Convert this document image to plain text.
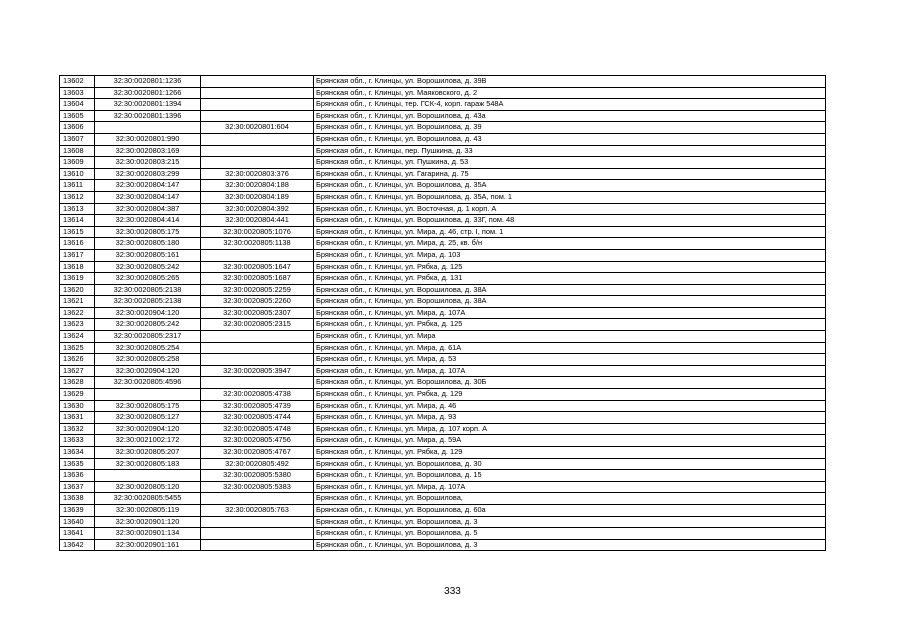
13602	32:30:0020801:1236		Брянская обл., г. Клинцы, ул. Ворошилова, д. 39В
13603	32:30:0020801:1266		Брянская обл., г. Клинцы, ул. Маяковского, д. 2
13604	32:30:0020801:1394		Брянская обл., г. Клинцы, тер. ГСК-4, корп. гараж 548А
13605	32:30:0020801:1396		Брянская обл., г. Клинцы, ул. Ворошилова, д. 43а
13606		32:30:0020801:604	Брянская обл., г. Клинцы, ул. Ворошилова, д. 39
13607	32:30:0020801:990		Брянская обл., г. Клинцы, ул. Ворошилова, д. 43
13608	32:30:0020803:169		Брянская обл., г. Клинцы, пер. Пушкина, д. 33
13609	32:30:0020803:215		Брянская обл., г. Клинцы, ул. Пушкина, д. 53
13610	32:30:0020803:299	32:30:0020803:376	Брянская обл., г. Клинцы, ул. Гагарина, д. 75
13611	32:30:0020804:147	32:30:0020804:188	Брянская обл., г. Клинцы, ул. Ворошилова, д. 35А
13612	32:30:0020804:147	32:30:0020804:189	Брянская обл., г. Клинцы, ул. Ворошилова, д. 35А, пом. 1
13613	32:30:0020804:387	32:30:0020804:392	Брянская обл., г. Клинцы, ул. Восточная, д. 1 корп. А
13614	32:30:0020804:414	32:30:0020804:441	Брянская обл., г. Клинцы, ул. Ворошилова, д. 33Г, пом. 48
13615	32:30:0020805:175	32:30:0020805:1076	Брянская обл., г. Клинцы, ул. Мира, д. 46, стр. I, пом. 1
13616	32:30:0020805:180	32:30:0020805:1138	Брянская обл., г. Клинцы, ул. Мира, д. 25, кв. б/н
13617	32:30:0020805:161		Брянская обл., г. Клинцы, ул. Мира, д. 103
13618	32:30:0020805:242	32:30:0020805:1647	Брянская обл., г. Клинцы, ул. Рябка, д. 125
13619	32:30:0020805:265	32:30:0020805:1687	Брянская обл., г. Клинцы, ул. Рябка, д. 131
13620	32:30:0020805:2138	32:30:0020805:2259	Брянская обл., г. Клинцы, ул. Ворошилова, д. 38А
13621	32:30:0020805:2138	32:30:0020805:2260	Брянская обл., г. Клинцы, ул. Ворошилова, д. 38А
13622	32:30:0020904:120	32:30:0020805:2307	Брянская обл., г. Клинцы, ул. Мира, д. 107А
13623	32:30:0020805:242	32:30:0020805:2315	Брянская обл., г. Клинцы, ул. Рябка, д. 125
13624	32:30:0020805:2317		Брянская обл., г. Клинцы, ул. Мира
13625	32:30:0020805:254		Брянская обл., г. Клинцы, ул. Мира, д. 61А
13626	32:30:0020805:258		Брянская обл., г. Клинцы, ул. Мира, д. 53
13627	32:30:0020904:120	32:30:0020805:3947	Брянская обл., г. Клинцы, ул. Мира, д. 107А
13628	32:30:0020805:4596		Брянская обл., г. Клинцы, ул. Ворошилова, д. 30Б
13629		32:30:0020805:4738	Брянская обл., г. Клинцы, ул. Рябка, д. 129
13630	32:30:0020805:175	32:30:0020805:4739	Брянская обл., г. Клинцы, ул. Мира, д. 46
13631	32:30:0020805:127	32:30:0020805:4744	Брянская обл., г. Клинцы, ул. Мира, д. 93
13632	32:30:0020904:120	32:30:0020805:4748	Брянская обл., г. Клинцы, ул. Мира, д. 107 корп. А
13633	32:30:0021002:172	32:30:0020805:4756	Брянская обл., г. Клинцы, ул. Мира, д. 59А
13634	32:30:0020805:207	32:30:0020805:4767	Брянская обл., г. Клинцы, ул. Рябка, д. 129
13635	32:30:0020805:183	32:30:0020805:492	Брянская обл., г. Клинцы, ул. Ворошилова, д. 30
13636		32:30:0020805:5380	Брянская обл., г. Клинцы, ул. Ворошилова, д. 15
13637	32:30:0020805:120	32:30:0020805:5383	Брянская обл., г. Клинцы, ул. Мира, д. 107А
13638	32:30:0020805:5455		Брянская обл., г. Клинцы, ул. Ворошилова,
13639	32:30:0020805:119	32:30:0020805:763	Брянская обл., г. Клинцы, ул. Ворошилова, д. 60а
13640	32:30:0020901:120		Брянская обл., г. Клинцы, ул. Ворошилова, д. 3
13641	32:30:0020901:134		Брянская обл., г. Клинцы, ул. Ворошилова, д. 5
13642	32:30:0020901:161		Брянская обл., г. Клинцы, ул. Ворошилова, д. 3
333
